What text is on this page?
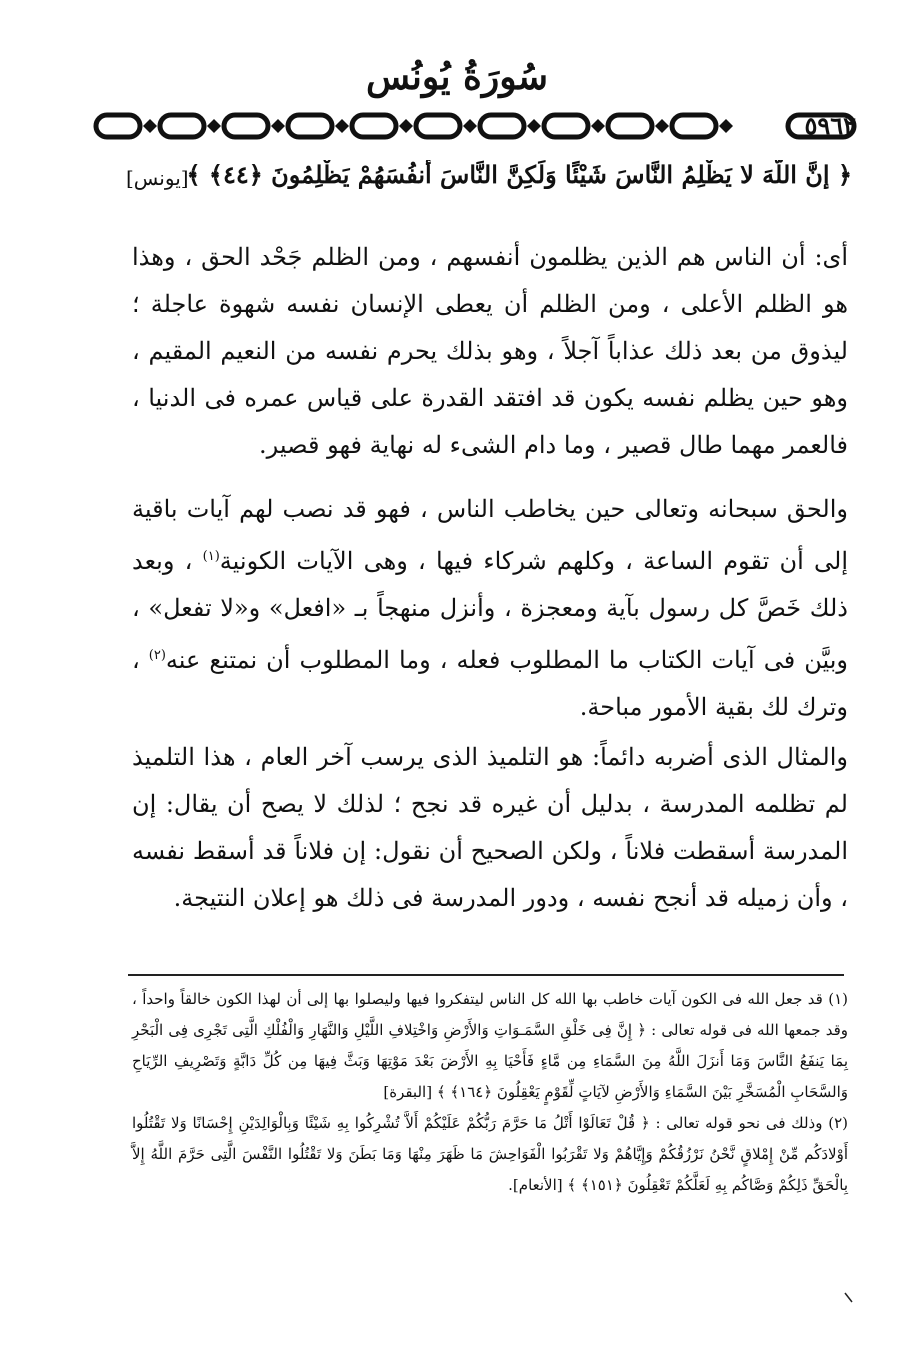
سُورَةُ يُونُس
٥٩٦٢
﴿ إِنَّ اللَّهَ لا يَظْلِمُ النَّاسَ شَيْئًا وَلَكِنَّ النَّاسَ أَنفُسَهُمْ يَظْلِمُونَ ﴿٤٤﴾ ﴾
[يونس]

أى: أن الناس هم الذين يظلمون أنفسهم ، ومن الظلم جَحْد الحق ، وهذا هو الظلم الأعلى ، ومن الظلم أن يعطى الإنسان نفسه شهوة عاجلة ؛ ليذوق من بعد ذلك عذاباً آجلاً ، وهو بذلك يحرم نفسه من النعيم المقيم ، وهو حين يظلم نفسه يكون قد افتقد القدرة على قياس عمره فى الدنيا ، فالعمر مهما طال قصير ، وما دام الشىء له نهاية فهو قصير.

والحق سبحانه وتعالى حين يخاطب الناس ، فهو قد نصب لهم آيات باقية إلى أن تقوم الساعة ، وكلهم شركاء فيها ، وهى الآيات الكونية$^{(١)}$ ، وبعد ذلك خَصَّ كل رسول بآية ومعجزة ، وأنزل منهجاً بـ «افعل» و«لا تفعل» ، وبيَّن فى آيات الكتاب ما المطلوب فعله ، وما المطلوب أن نمتنع عنه$^{(٢)}$ ، وترك لك بقية الأمور مباحة.

والمثال الذى أضربه دائماً: هو التلميذ الذى يرسب آخر العام ، هذا التلميذ لم تظلمه المدرسة ، بدليل أن غيره قد نجح ؛ لذلك لا يصح أن يقال: إن المدرسة أسقطت فلاناً ، ولكن الصحيح أن نقول: إن فلاناً قد أسقط نفسه ، وأن زميله قد أنجح نفسه ، ودور المدرسة فى ذلك هو إعلان النتيجة.

(١) قد جعل الله فى الكون آيات خاطب بها الله كل الناس ليتفكروا فيها وليصلوا بها إلى أن لهذا الكون خالقاً واحداً ، وقد جمعها الله فى قوله تعالى : ﴿ إِنَّ فِى خَلْقِ السَّمَـوَاتِ وَالأَرْضِ وَاخْتِلافِ اللَّيْلِ وَالنَّهَارِ وَالْفُلْكِ الَّتِى تَجْرِى فِى الْبَحْرِ بِمَا يَنفَعُ النَّاسَ وَمَا أَنزَلَ اللَّهُ مِنَ السَّمَاءِ مِن مَّاءٍ فَأَحْيَا بِهِ الأَرْضَ بَعْدَ مَوْتِهَا وَبَثَّ فِيهَا مِن كُلِّ دَابَّةٍ وَتَصْرِيفِ الرِّيَاحِ وَالسَّحَابِ الْمُسَخَّرِ بَيْنَ السَّمَاءِ وَالأَرْضِ لآيَاتٍ لِّقَوْمٍ يَعْقِلُونَ ﴿١٦٤﴾ ﴾ [البقرة]

(٢) وذلك فى نحو قوله تعالى : ﴿ قُلْ تَعَالَوْا أَتْلُ مَا حَرَّمَ رَبُّكُمْ عَلَيْكُمْ أَلاَّ تُشْرِكُوا بِهِ شَيْئًا وَبِالْوَالِدَيْنِ إِحْسَانًا وَلا تَقْتُلُوا أَوْلادَكُم مِّنْ إِمْلاقٍ نَّحْنُ نَرْزُقُكُمْ وَإِيَّاهُمْ وَلا تَقْرَبُوا الْفَوَاحِشَ مَا ظَهَرَ مِنْهَا وَمَا بَطَنَ وَلا تَقْتُلُوا النَّفْسَ الَّتِى حَرَّمَ اللَّهُ إِلاَّ بِالْحَقِّ ذَلِكُمْ وَصَّاكُم بِهِ لَعَلَّكُمْ تَعْقِلُونَ ﴿١٥١﴾ ﴾ [الأنعام].
